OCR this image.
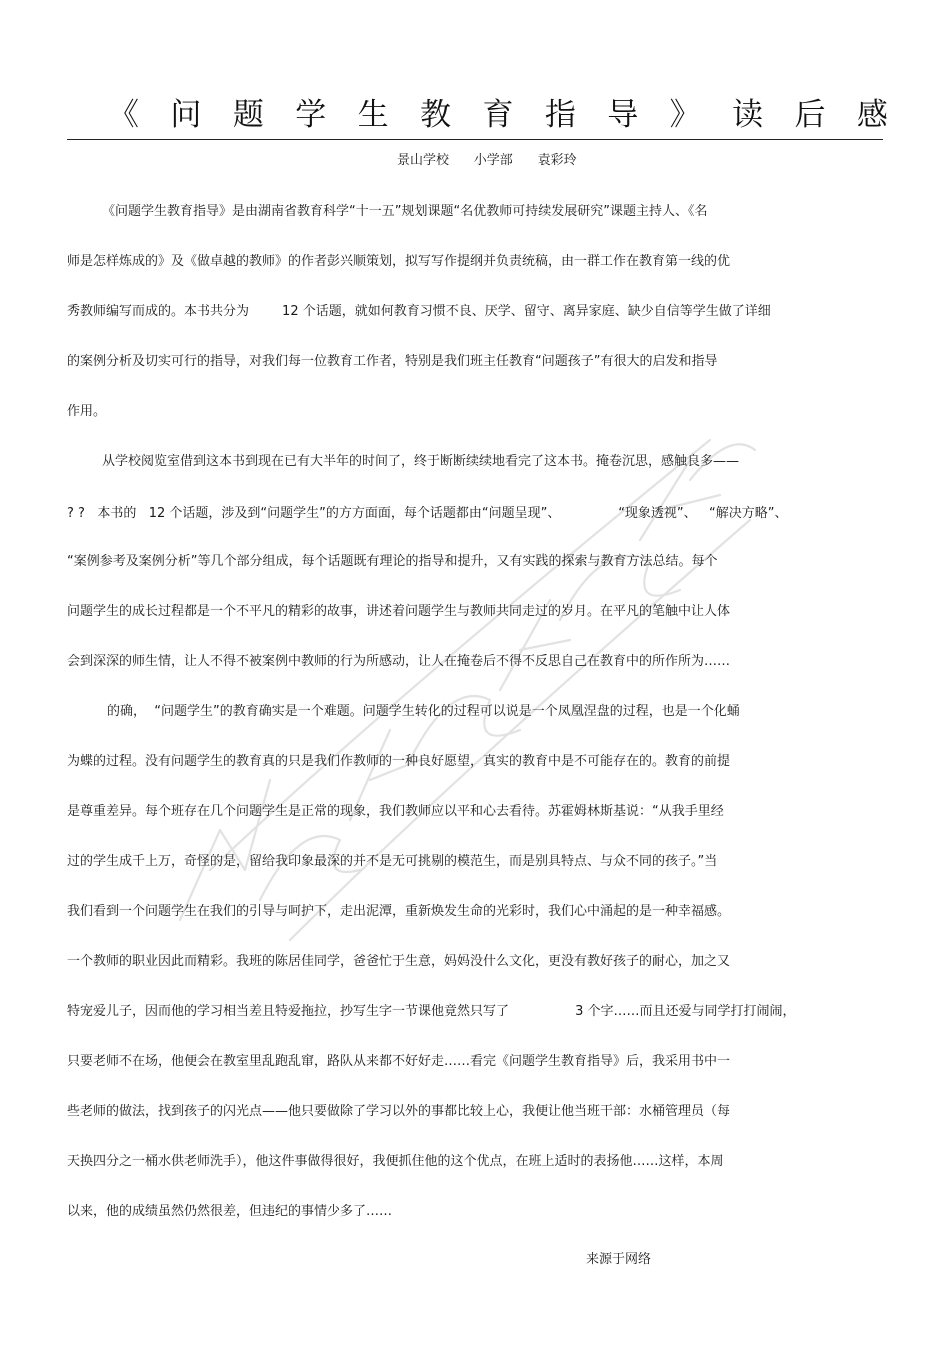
《 问 题 学 生 教 育 指 导 》 读 后 感
景山学校      小学部      袁彩玲
《问题学生教育指导》是由湖南省教育科学“十一五”规划课题“名优教师可持续发展研究”课题主持人、《名
师是怎样炼成的》及《做卓越的教师》的作者彭兴顺策划，拟写写作提纲并负责统稿，由一群工作在教育第一线的优
秀教师编写而成的。本书共分为        12 个话题，就如何教育习惯不良、厌学、留守、离异家庭、缺少自信等学生做了详细
的案例分析及切实可行的指导，对我们每一位教育工作者，特别是我们班主任教育“问题孩子”有很大的启发和指导
作用。
从学校阅览室借到这本书到现在已有大半年的时间了，终于断断续续地看完了这本书。掩卷沉思，感触良多——
? ?   本书的   12 个话题，涉及到“问题学生”的方方面面，每个话题都由“问题呈现”、              “现象透视”、   “解决方略”、
“案例参考及案例分析”等几个部分组成，每个话题既有理论的指导和提升，又有实践的探索与教育方法总结。每个
问题学生的成长过程都是一个不平凡的精彩的故事，讲述着问题学生与教师共同走过的岁月。在平凡的笔触中让人体
会到深深的师生情，让人不得不被案例中教师的行为所感动，让人在掩卷后不得不反思自己在教育中的所作所为……
的确，  “问题学生”的教育确实是一个难题。问题学生转化的过程可以说是一个凤凰涅盘的过程，也是一个化蛹
为蝶的过程。没有问题学生的教育真的只是我们作教师的一种良好愿望，真实的教育中是不可能存在的。教育的前提
是尊重差异。每个班存在几个问题学生是正常的现象，我们教师应以平和心去看待。苏霍姆林斯基说：“从我手里经
过的学生成千上万，奇怪的是，留给我印象最深的并不是无可挑剔的模范生，而是别具特点、与众不同的孩子。”当
我们看到一个问题学生在我们的引导与呵护下，走出泥潭，重新焕发生命的光彩时，我们心中涌起的是一种幸福感。
一个教师的职业因此而精彩。我班的陈居佳同学，爸爸忙于生意，妈妈没什么文化，更没有教好孩子的耐心，加之又
特宠爱儿子，因而他的学习相当差且特爱拖拉，抄写生字一节课他竟然只写了                3 个字……而且还爱与同学打打闹闹，
只要老师不在场，他便会在教室里乱跑乱窜，路队从来都不好好走……看完《问题学生教育指导》后，我采用书中一
些老师的做法，找到孩子的闪光点——他只要做除了学习以外的事都比较上心，我便让他当班干部：水桶管理员（每
天换四分之一桶水供老师洗手），他这件事做得很好，我便抓住他的这个优点，在班上适时的表扬他……这样，本周
以来，他的成绩虽然仍然很差，但违纪的事情少多了……
来源于网络
